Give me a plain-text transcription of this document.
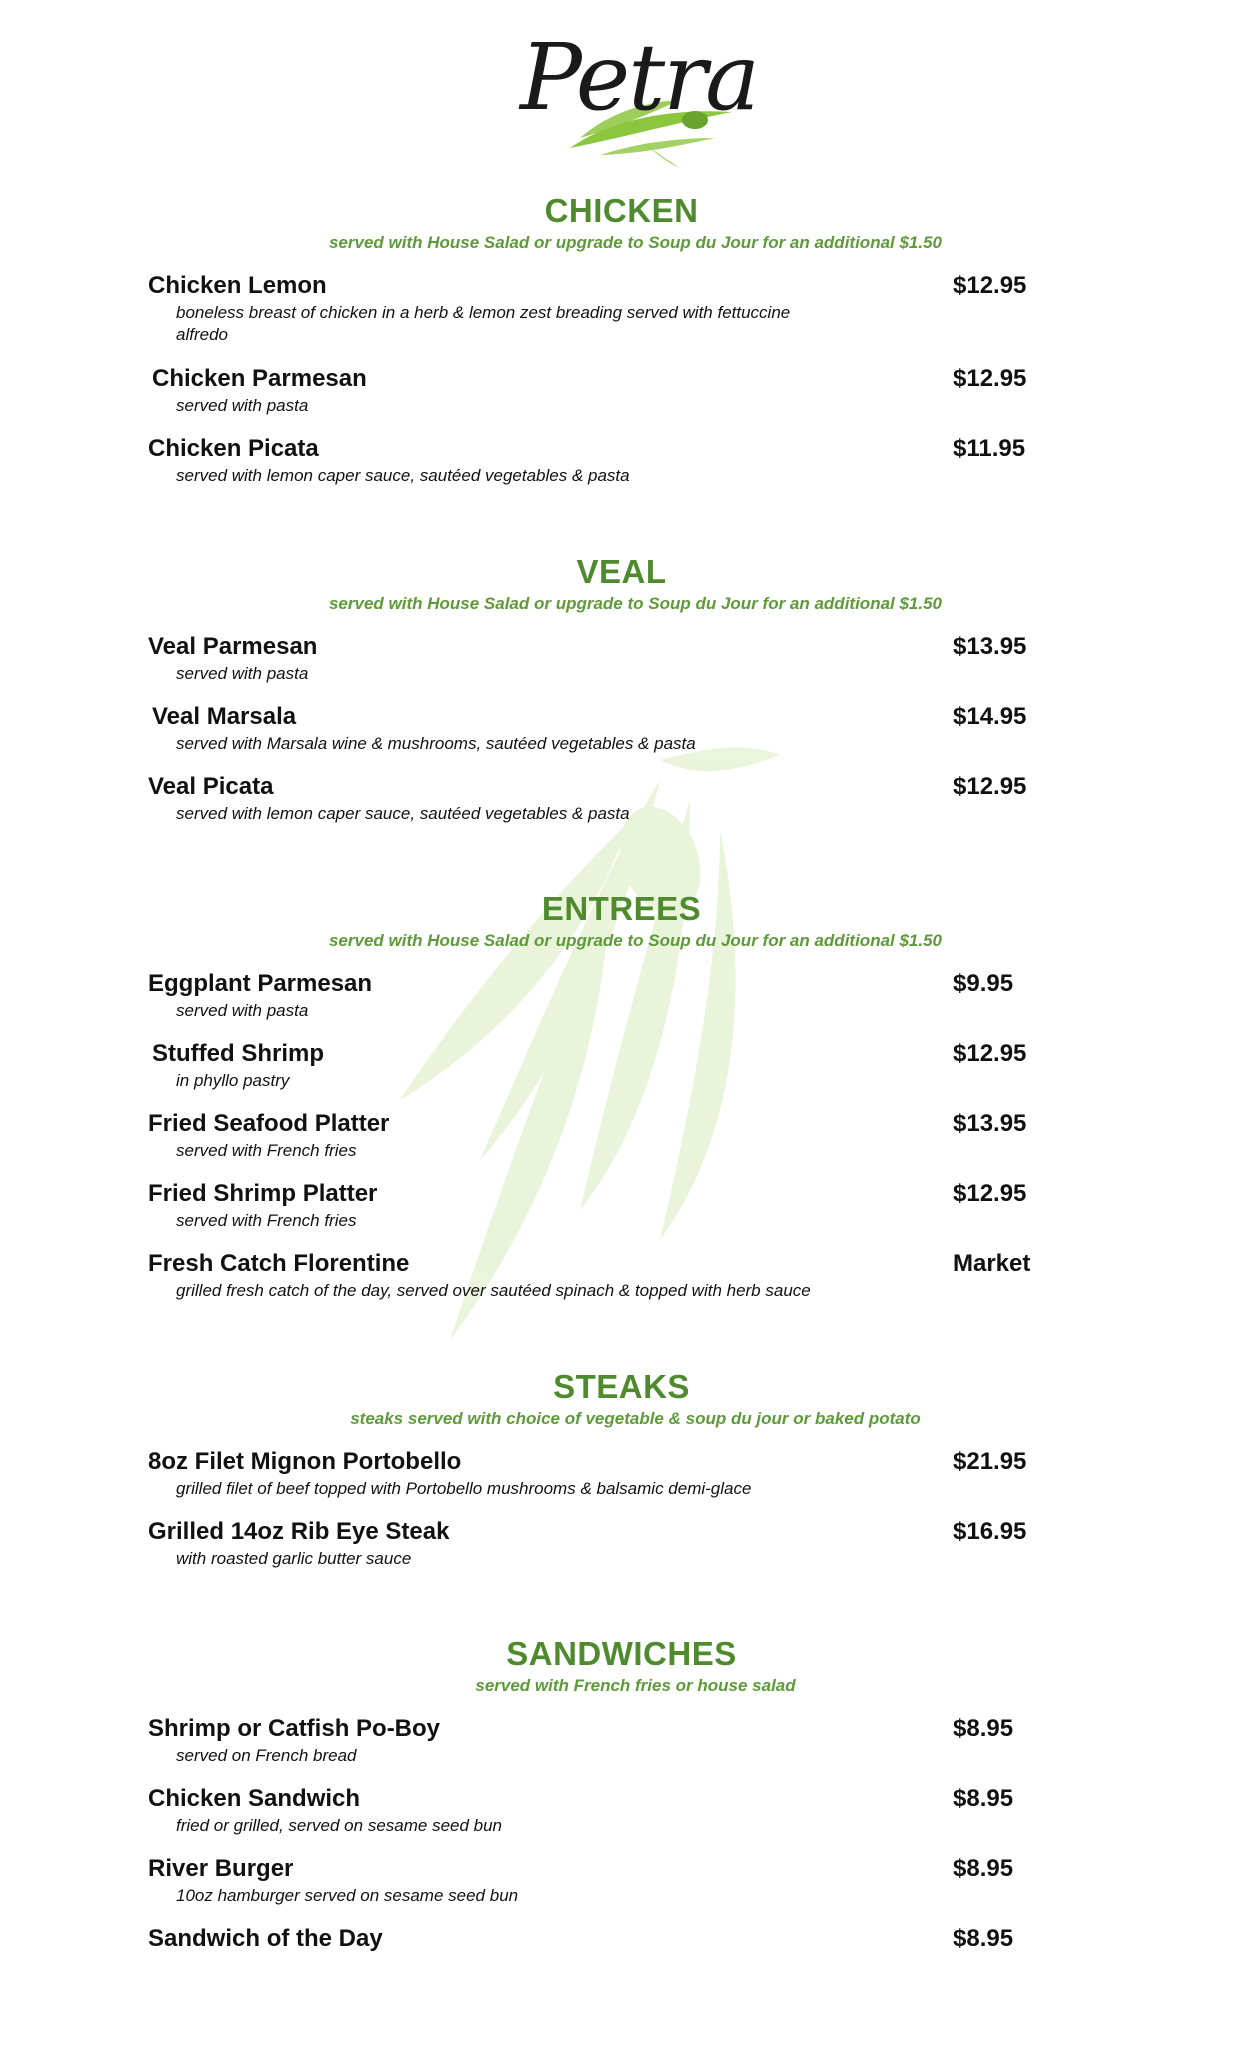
Petra
CHICKEN
served with House Salad or upgrade to Soup du Jour for an additional $1.50
Chicken Lemon	$12.95
boneless breast of chicken in a herb & lemon zest breading served with fettuccine alfredo
Chicken Parmesan	$12.95
served with pasta
Chicken Picata	$11.95
served with lemon caper sauce, sautéed vegetables & pasta
VEAL
served with House Salad or upgrade to Soup du Jour for an additional $1.50
Veal Parmesan	$13.95
served with pasta
Veal Marsala	$14.95
served with Marsala wine & mushrooms, sautéed vegetables & pasta
Veal Picata	$12.95
served with lemon caper sauce, sautéed vegetables & pasta
ENTREES
served with House Salad or upgrade to Soup du Jour for an additional $1.50
Eggplant Parmesan	$9.95
served with pasta
Stuffed Shrimp	$12.95
in phyllo pastry
Fried Seafood Platter	$13.95
served with French fries
Fried Shrimp Platter	$12.95
served with French fries
Fresh Catch Florentine	Market
grilled fresh catch of the day, served over sautéed spinach & topped with herb sauce
STEAKS
steaks served with choice of vegetable & soup du jour or baked potato
8oz Filet Mignon Portobello	$21.95
grilled filet of beef topped with Portobello mushrooms & balsamic demi-glace
Grilled 14oz Rib Eye Steak	$16.95
with roasted garlic butter sauce
SANDWICHES
served with French fries or house salad
Shrimp or Catfish Po-Boy	$8.95
served on French bread
Chicken Sandwich	$8.95
fried or grilled, served on sesame seed bun
River Burger	$8.95
10oz hamburger served on sesame seed bun
Sandwich of the Day	$8.95
